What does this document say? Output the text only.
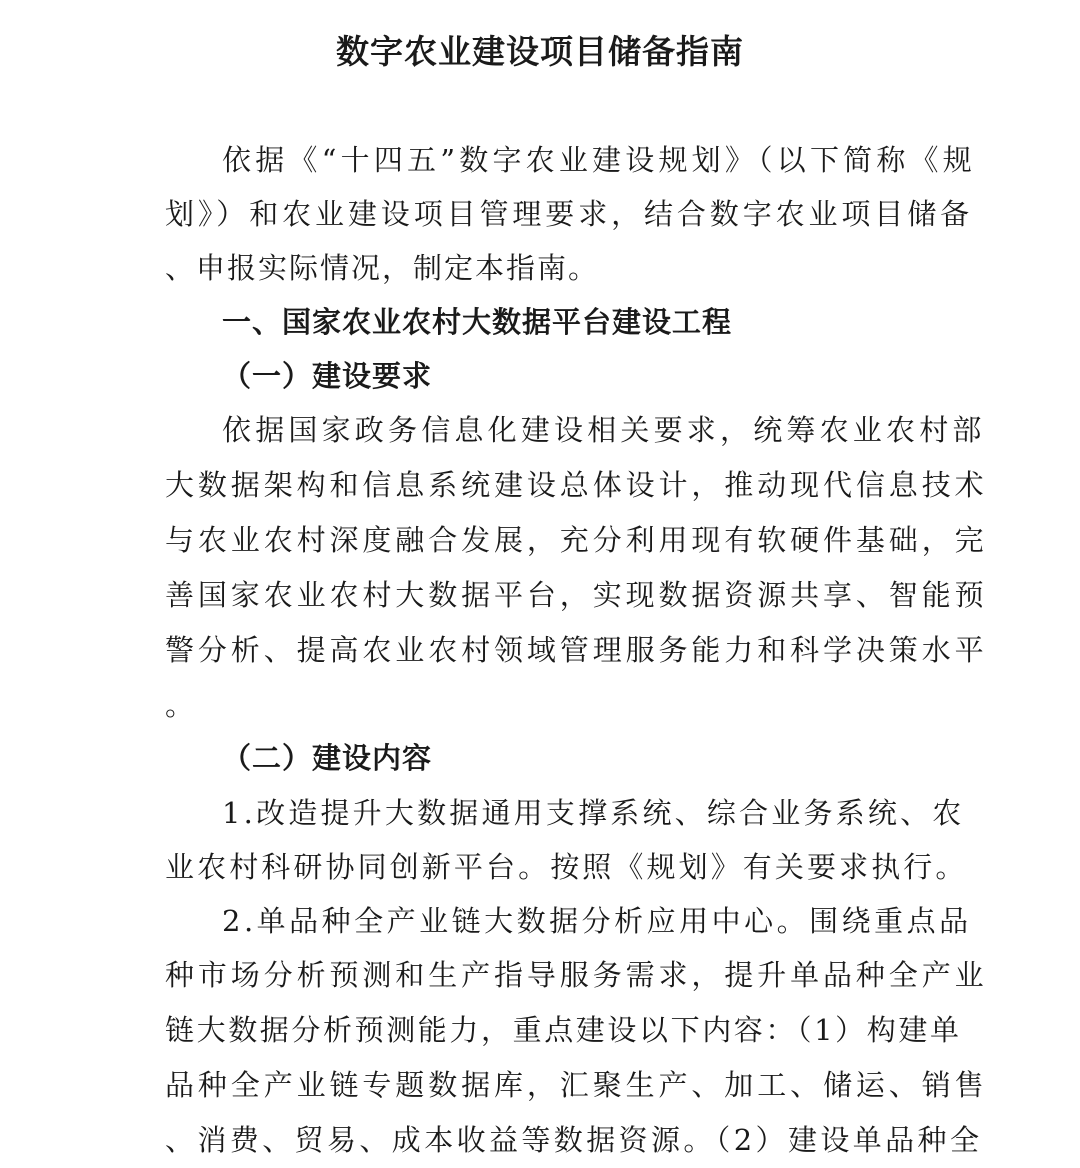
数字农业建设项目储备指南

依据《“十四五”数字农业建设规划》（以下简称《规

划》）和农业建设项目管理要求，结合数字农业项目储备

、申报实际情况，制定本指南。

一、国家农业农村大数据平台建设工程

（一）建设要求

依据国家政务信息化建设相关要求，统筹农业农村部

大数据架构和信息系统建设总体设计，推动现代信息技术

与农业农村深度融合发展，充分利用现有软硬件基础，完

善国家农业农村大数据平台，实现数据资源共享、智能预

警分析、提高农业农村领域管理服务能力和科学决策水平

。

（二）建设内容

1.改造提升大数据通用支撑系统、综合业务系统、农

业农村科研协同创新平台。按照《规划》有关要求执行。

2.单品种全产业链大数据分析应用中心。围绕重点品

种市场分析预测和生产指导服务需求，提升单品种全产业

链大数据分析预测能力，重点建设以下内容：（1）构建单

品种全产业链专题数据库，汇聚生产、加工、储运、销售

、消费、贸易、成本收益等数据资源。（2）建设单品种全
